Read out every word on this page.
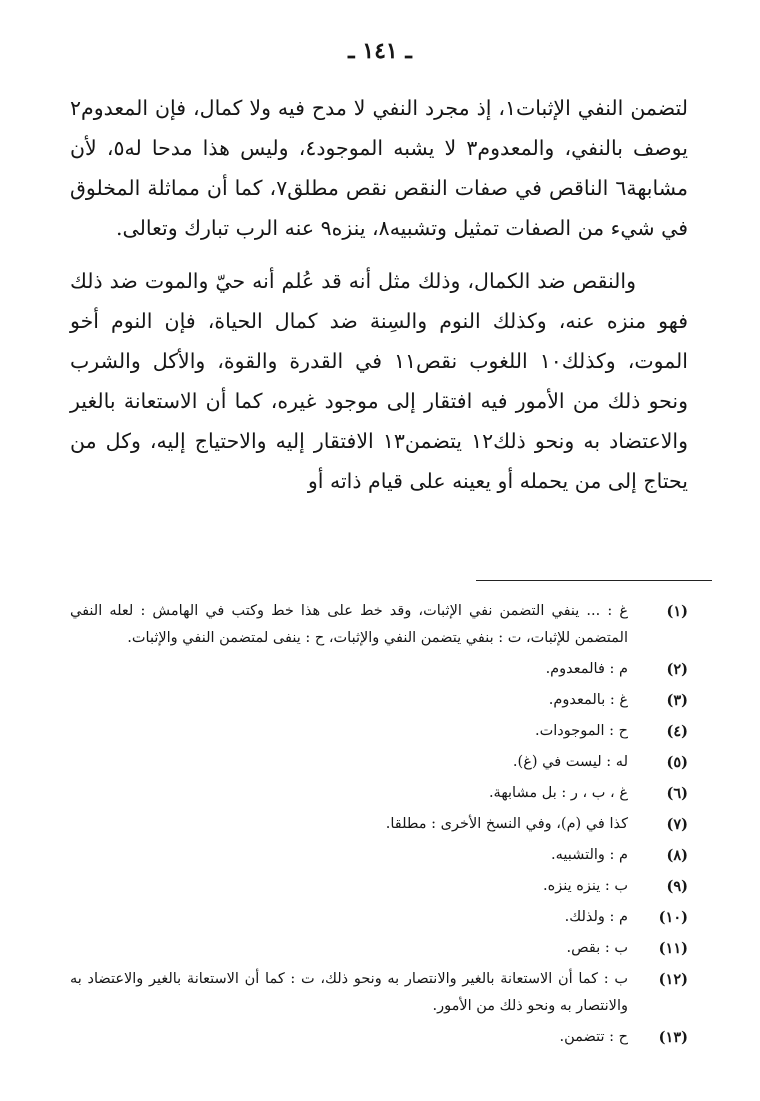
ـ ١٤١ ـ

لتضمن النفي الإثبات١، إذ مجرد النفي لا مدح فيه ولا كمال، فإن المعدوم٢ يوصف بالنفي، والمعدوم٣ لا يشبه الموجود٤، وليس هذا مدحا له٥، لأن مشابهة٦ الناقص في صفات النقص نقص مطلق٧، كما أن مماثلة المخلوق في شيء من الصفات تمثيل وتشبيه٨، ينزه٩ عنه الرب تبارك وتعالى.

والنقص ضد الكمال، وذلك مثل أنه قد عُلم أنه حيّ والموت ضد ذلك فهو منزه عنه، وكذلك النوم والسِنة ضد كمال الحياة، فإن النوم أخو الموت، وكذلك١٠ اللغوب نقص١١ في القدرة والقوة، والأكل والشرب ونحو ذلك من الأمور فيه افتقار إلى موجود غيره، كما أن الاستعانة بالغير والاعتضاد به ونحو ذلك١٢ يتضمن١٣ الافتقار إليه والاحتياج إليه، وكل من يحتاج إلى من يحمله أو يعينه على قيام ذاته أو

(١)
غ : ... ينفي التضمن نفي الإثبات، وقد خط على هذا خط وكتب في الهامش : لعله النفي المتضمن للإثبات، ت : بنفي يتضمن النفي والإثبات، ح : ينفى لمتضمن النفي والإثبات.
(٢)
م : فالمعدوم.
(٣)
غ : بالمعدوم.
(٤)
ح : الموجودات.
(٥)
له : ليست في (غ).
(٦)
غ ، ب ، ر : بل مشابهة.
(٧)
كذا في (م)، وفي النسخ الأخرى : مطلقا.
(٨)
م : والتشبيه.
(٩)
ب : ينزه ينزه.
(١٠)
م : ولذلك.
(١١)
ب : بقص.
(١٢)
ب : كما أن الاستعانة بالغير والانتصار به ونحو ذلك، ت : كما أن الاستعانة بالغير والاعتضاد به والانتصار به ونحو ذلك من الأمور.
(١٣)
ح : تتضمن.
